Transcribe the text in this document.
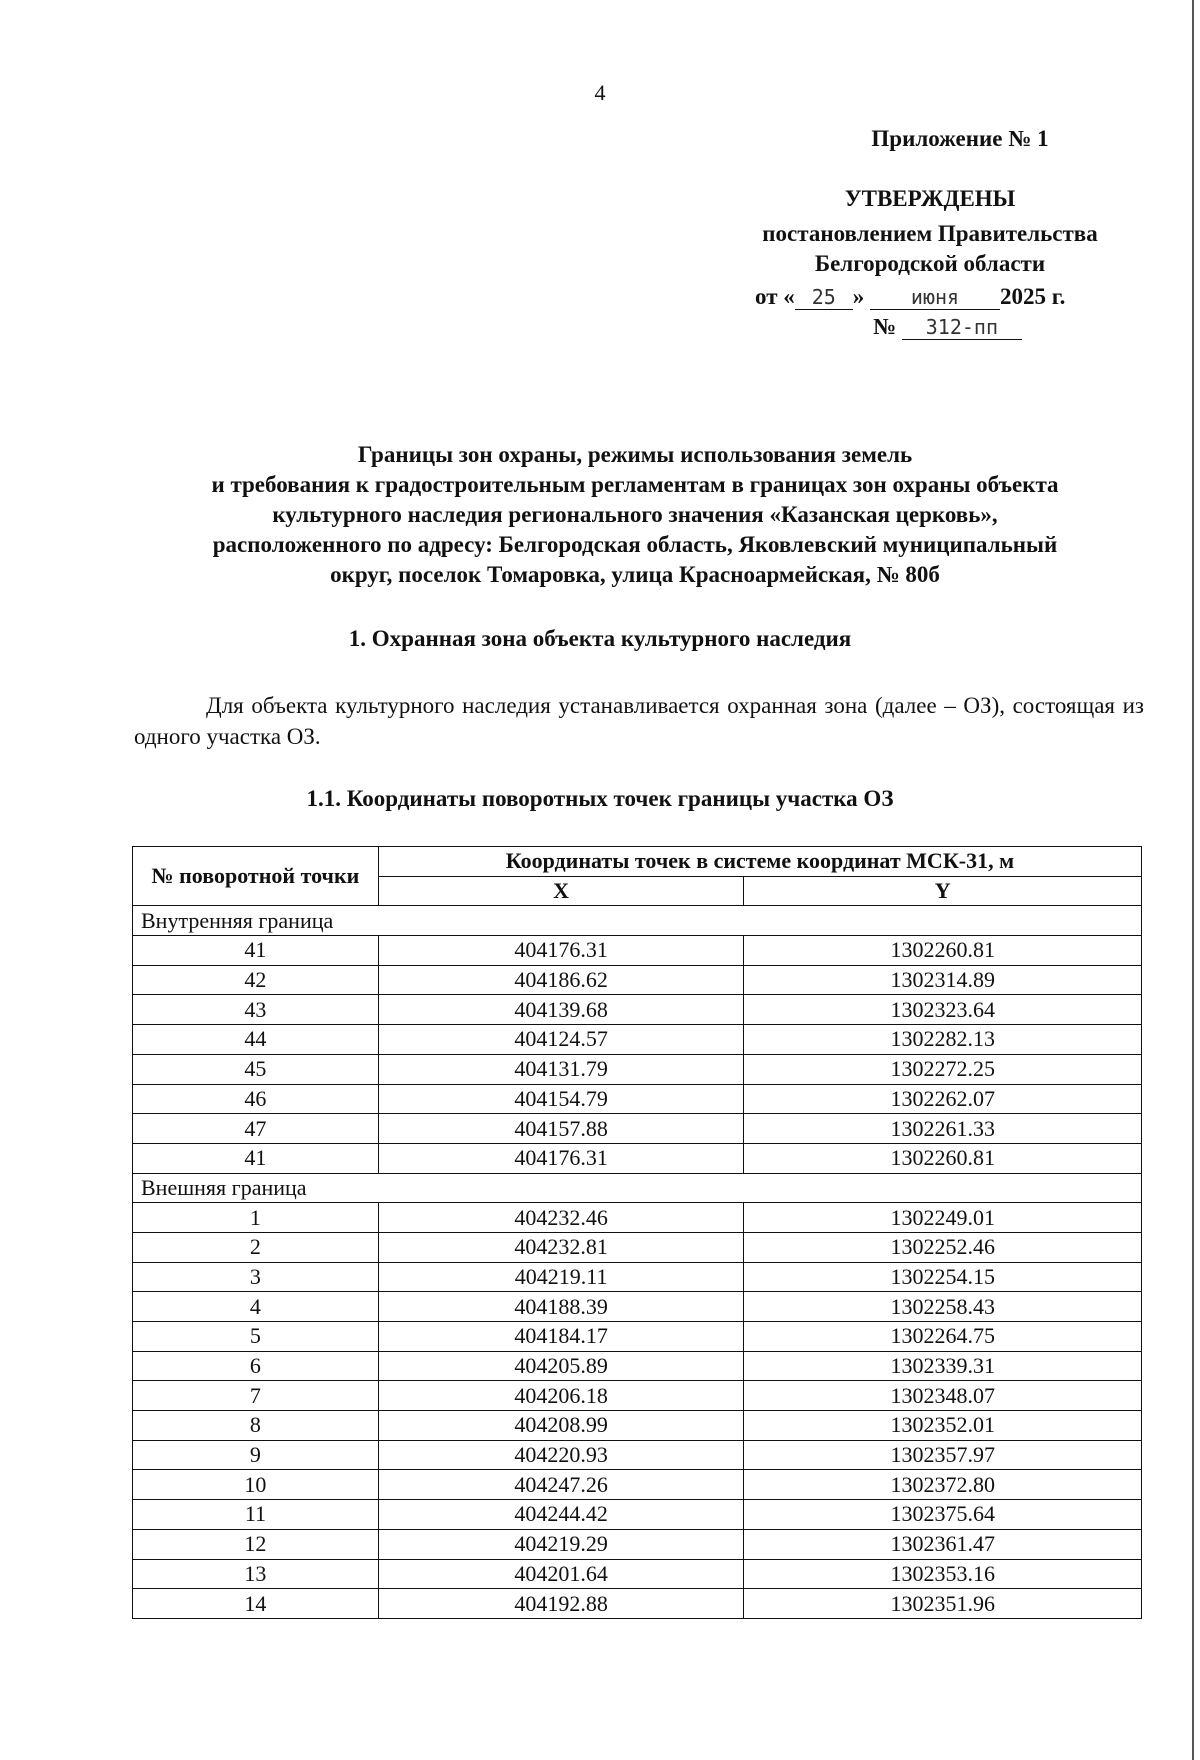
4
Приложение № 1
УТВЕРЖДЕНЫ
постановлением Правительства
Белгородской области
от « 25 » июня 2025 г.
№ 312-пп
Границы зон охраны, режимы использования земель
и требования к градостроительным регламентам в границах зон охраны объекта
культурного наследия регионального значения «Казанская церковь»,
расположенного по адресу: Белгородская область, Яковлевский муниципальный
округ, поселок Томаровка, улица Красноармейская, № 80б
1. Охранная зона объекта культурного наследия
Для объекта культурного наследия устанавливается охранная зона (далее – ОЗ), состоящая из одного участка ОЗ.
1.1. Координаты поворотных точек границы участка ОЗ
№ поворотной точки	Координаты точек в системе координат МСК-31, м	
	X	Y
Внутренняя граница		
41	404176.31	1302260.81
42	404186.62	1302314.89
43	404139.68	1302323.64
44	404124.57	1302282.13
45	404131.79	1302272.25
46	404154.79	1302262.07
47	404157.88	1302261.33
41	404176.31	1302260.81
Внешняя граница		
1	404232.46	1302249.01
2	404232.81	1302252.46
3	404219.11	1302254.15
4	404188.39	1302258.43
5	404184.17	1302264.75
6	404205.89	1302339.31
7	404206.18	1302348.07
8	404208.99	1302352.01
9	404220.93	1302357.97
10	404247.26	1302372.80
11	404244.42	1302375.64
12	404219.29	1302361.47
13	404201.64	1302353.16
14	404192.88	1302351.96
